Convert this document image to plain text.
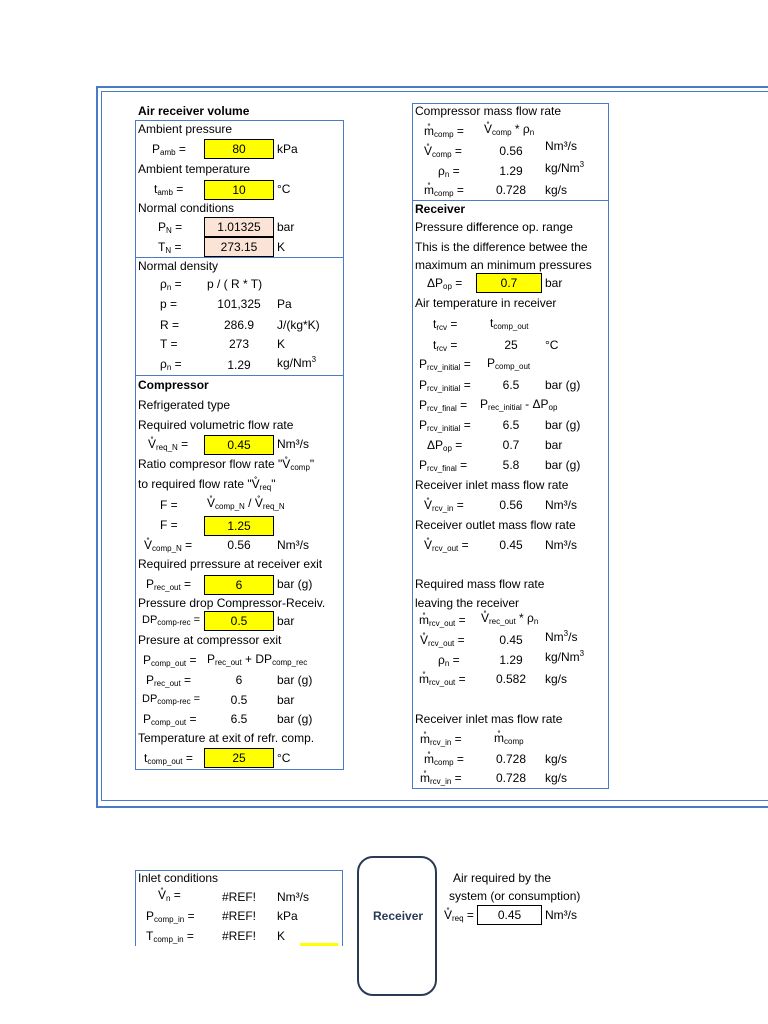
Air receiver volume
Ambient pressure
$P_{amb}$ =	80	kPa
Ambient temperature
$t_{amb}$ =	10	°C
Normal conditions
$P_N$ =	1.01325	bar
$T_N$ =	273.15	K
Normal density
$\rho_n = p$ / ( R * T)
p =	101,325	Pa
R =	286.9	J/(kg*K)
T =	273	K
$\rho_n$ =	1.29	kg/Nm$^3$
Compressor
Refrigerated type
Required volumetric flow rate
$V̊_{req\_N}$ =	0.45	Nm³/s
Ratio compresor flow rate "$V̊_{comp}$"
to required flow rate "$V̊_{req}$"
$F = V̊_{comp\_N}$ / $V̊_{req\_N}$
F =	1.25
$V̊_{comp\_N}$ =	0.56	Nm³/s
Required prressure at receiver exit
$P_{rec\_out}$ =	6	bar (g)
Pressure drop Compressor-Receiv.
$DP_{comp-rec}$ =	0.5	bar
Presure at compressor exit
$P_{comp\_out} = P_{rec\_out} + DP_{comp\_rec}$
$P_{rec\_out}$ =	6	bar (g)
$DP_{comp-rec}$ =	0.5	bar
$P_{comp\_out}$ =	6.5	bar (g)
Temperature at exit of refr. comp.
$t_{comp\_out}$ =	25	°C
Compressor mass flow rate
$m̊_{comp}$ = $V̊_{comp} * \rho_n$
$V̊_{comp}$ =	0.56	Nm³/s
$\rho_n$ =	1.29	kg/Nm$^3$
$m̊_{comp}$ =	0.728	kg/s
Receiver
Pressure difference op. range
This is the difference betwee the
maximum an minimum pressures
$\Delta P_{op}$ =	0.7	bar
Air temperature in receiver
$t_{rcv}$ =	$t_{comp\_out}$
$t_{rcv}$ =	25	°C
$P_{rcv\_initial} = P_{comp\_out}$
$P_{rcv\_initial}$ =	6.5	bar (g)
$P_{rcv\_final} = P_{rec\_initial} - \Delta P_{op}$
$P_{rcv\_initial}$ =	6.5	bar (g)
$\Delta P_{op}$ =	0.7	bar
$P_{rcv\_final}$ =	5.8	bar (g)
Receiver inlet mass flow rate
$V̊_{rcv\_in}$ =	0.56	Nm³/s
Receiver outlet mass flow rate
$V̊_{rcv\_out}$ =	0.45	Nm³/s
Required mass flow rate
leaving the receiver
$m̊_{rcv\_out}$ = $V̊_{rec\_out} * \rho_n$
$V̊_{rcv\_out}$ =	0.45	Nm$^3$/s
$\rho_n$ =	1.29	kg/Nm$^3$
$m̊_{rcv\_out}$ =	0.582	kg/s
Receiver inlet mas flow rate
$m̊_{rcv\_in}$ =	$m̊_{comp}$
$m̊_{comp}$ =	0.728	kg/s
$m̊_{rcv\_in}$ =	0.728	kg/s
Inlet conditions
$V̊_n$ =	#REF! Nm³/s
$P_{comp\_in}$ = #REF! kPa
$T_{comp\_in}$ = #REF! K
Receiver
Air required by the
system (or consumption)
$V̊_{req}$ =	0.45	Nm³/s
